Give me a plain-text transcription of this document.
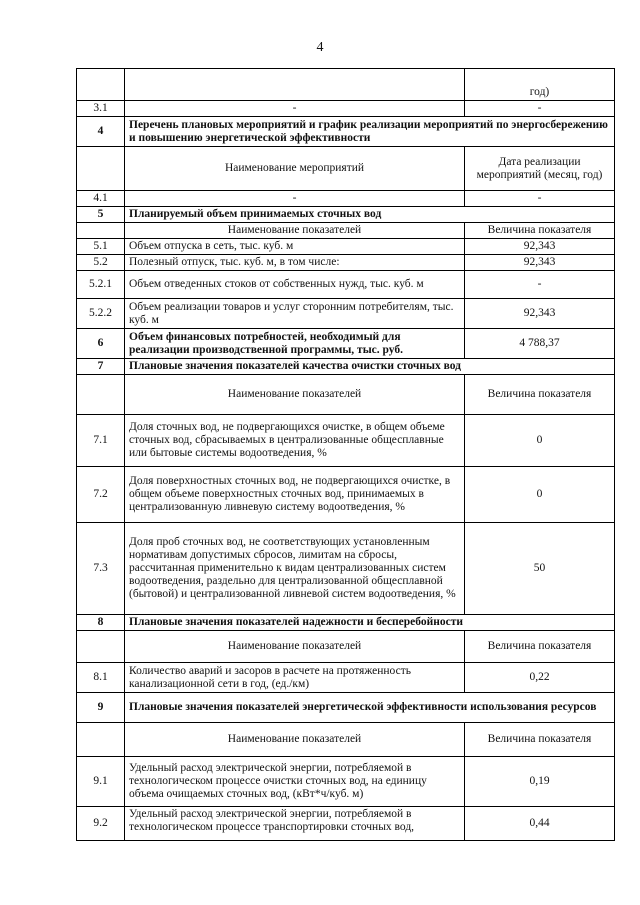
4
		год)
3.1	-	-
4	Перечень плановых мероприятий и график реализации мероприятий по энергосбережению и повышению энергетической эффективности	
	Наименование мероприятий	Дата реализации мероприятий (месяц, год)
4.1	-	-
5	Планируемый объем принимаемых сточных вод	
	Наименование показателей	Величина показателя
5.1	Объем отпуска в сеть, тыс. куб. м	92,343
5.2	Полезный отпуск, тыс. куб. м, в том числе:	92,343
5.2.1	Объем отведенных стоков от собственных нужд, тыс. куб. м	-
5.2.2	Объем реализации товаров и услуг сторонним потребителям, тыс. куб. м	92,343
6	Объем финансовых потребностей, необходимый для реализации производственной программы, тыс. руб.	4 788,37
7	Плановые значения показателей качества очистки сточных вод	
	Наименование показателей	Величина показателя
7.1	Доля сточных вод, не подвергающихся очистке, в общем объеме сточных вод, сбрасываемых в централизованные общесплавные или бытовые системы водоотведения, %	0
7.2	Доля поверхностных сточных вод, не подвергающихся очистке, в общем объеме поверхностных сточных вод, принимаемых в централизованную ливневую систему водоотведения, %	0
7.3	Доля проб сточных вод, не соответствующих установленным нормативам допустимых сбросов, лимитам на сбросы, рассчитанная применительно к видам централизованных систем водоотведения, раздельно для централизованной общесплавной (бытовой) и централизованной ливневой систем водоотведения, %	50
8	Плановые значения показателей надежности и бесперебойности	
	Наименование показателей	Величина показателя
8.1	Количество аварий и засоров в расчете на протяженность канализационной сети в год, (ед./км)	0,22
9	Плановые значения показателей энергетической эффективности использования ресурсов	
	Наименование показателей	Величина показателя
9.1	Удельный расход электрической энергии, потребляемой в технологическом процессе очистки сточных вод, на единицу объема очищаемых сточных вод, (кВт*ч/куб. м)	0,19
9.2	Удельный расход электрической энергии, потребляемой в технологическом процессе транспортировки сточных вод,	0,44
